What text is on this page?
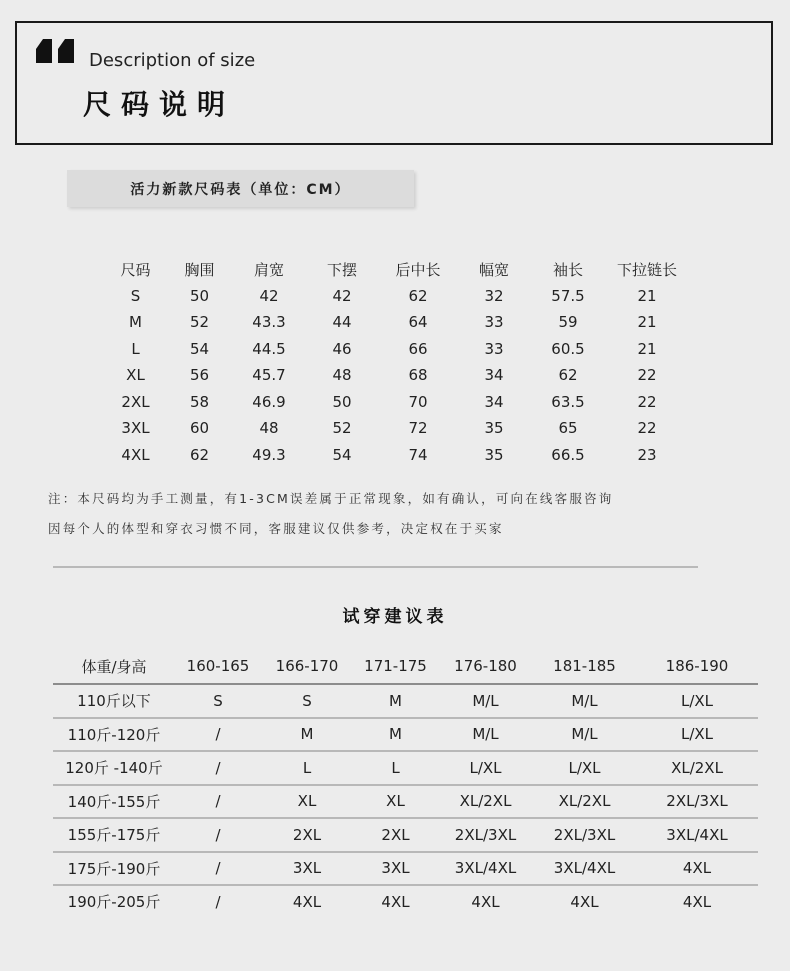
Description of size
尺码说明
活力新款尺码表（单位：CM）
尺码	胸围	肩宽	下摆	后中长	幅宽	袖长	下拉链长
S	50	42	42	62	32	57.5	21
M	52	43.3	44	64	33	59	21
L	54	44.5	46	66	33	60.5	21
XL	56	45.7	48	68	34	62	22
2XL	58	46.9	50	70	34	63.5	22
3XL	60	48	52	72	35	65	22
4XL	62	49.3	54	74	35	66.5	23
注：本尺码均为手工测量，有1-3CM误差属于正常现象，如有确认，可向在线客服咨询
因每个人的体型和穿衣习惯不同，客服建议仅供参考，决定权在于买家
试穿建议表
体重/身高	160-165	166-170	171-175	176-180	181-185	186-190
110斤以下	S	S	M	M/L	M/L	L/XL
110斤-120斤	/	M	M	M/L	M/L	L/XL
120斤 -140斤	/	L	L	L/XL	L/XL	XL/2XL
140斤-155斤	/	XL	XL	XL/2XL	XL/2XL	2XL/3XL
155斤-175斤	/	2XL	2XL	2XL/3XL	2XL/3XL	3XL/4XL
175斤-190斤	/	3XL	3XL	3XL/4XL	3XL/4XL	4XL
190斤-205斤	/	4XL	4XL	4XL	4XL	4XL
